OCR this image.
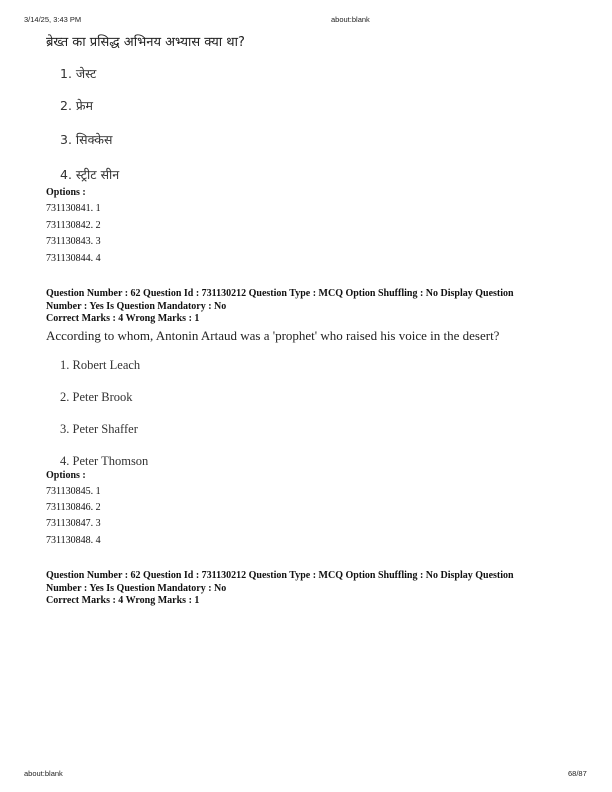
3/14/25, 3:43 PM	about:blank
ब्रेख्त का प्रसिद्ध अभिनय अभ्यास क्या था?
1. जेस्ट
2. फ्रेम
3. सिक्केस
4. स्ट्रीट सीन
Options :
731130841. 1
731130842. 2
731130843. 3
731130844. 4
Question Number : 62 Question Id : 731130212 Question Type : MCQ Option Shuffling : No Display Question
Number : Yes Is Question Mandatory : No
Correct Marks : 4 Wrong Marks : 1
According to whom, Antonin Artaud was a 'prophet' who raised his voice in the desert?
1. Robert Leach
2. Peter Brook
3. Peter Shaffer
4. Peter Thomson
Options :
731130845. 1
731130846. 2
731130847. 3
731130848. 4
Question Number : 62 Question Id : 731130212 Question Type : MCQ Option Shuffling : No Display Question
Number : Yes Is Question Mandatory : No
Correct Marks : 4 Wrong Marks : 1
about:blank	68/87
